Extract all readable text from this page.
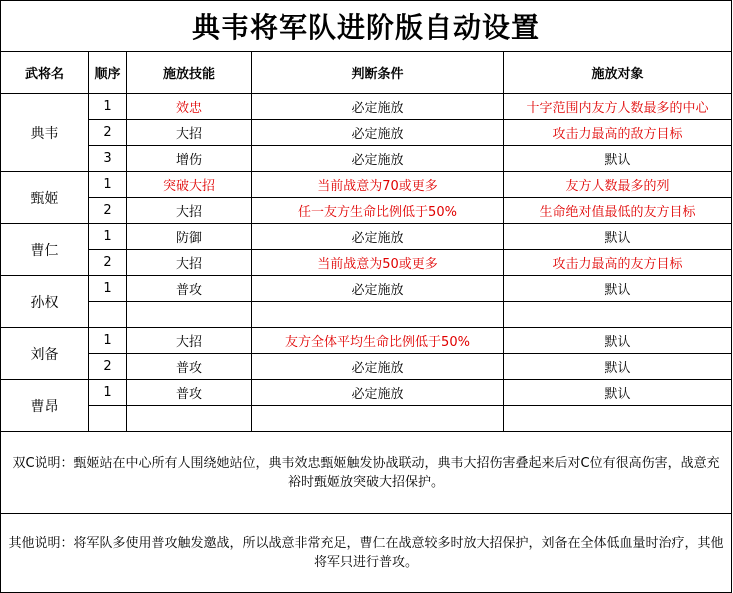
典韦将军队进阶版自动设置				
武将名	顺序	施放技能	判断条件	施放对象
典韦	1	效忠	必定施放	十字范围内友方人数最多的中心
	2	大招	必定施放	攻击力最高的敌方目标
	3	增伤	必定施放	默认
甄姬	1	突破大招	当前战意为70或更多	友方人数最多的列
	2	大招	任一友方生命比例低于50%	生命绝对值最低的友方目标
曹仁	1	防御	必定施放	默认
	2	大招	当前战意为50或更多	攻击力最高的友方目标
孙权	1	普攻	必定施放	默认

刘备	1	大招	友方全体平均生命比例低于50%	默认
	2	普攻	必定施放	默认
曹昂	1	普攻	必定施放	默认

双C说明：甄姬站在中心所有人围绕她站位，典韦效忠甄姬触发协战联动，典韦大招伤害叠起来后对C位有很高伤害，战意充裕时甄姬放突破大招保护。				
其他说明：将军队多使用普攻触发邀战，所以战意非常充足，曹仁在战意较多时放大招保护，刘备在全体低血量时治疗，其他将军只进行普攻。				
